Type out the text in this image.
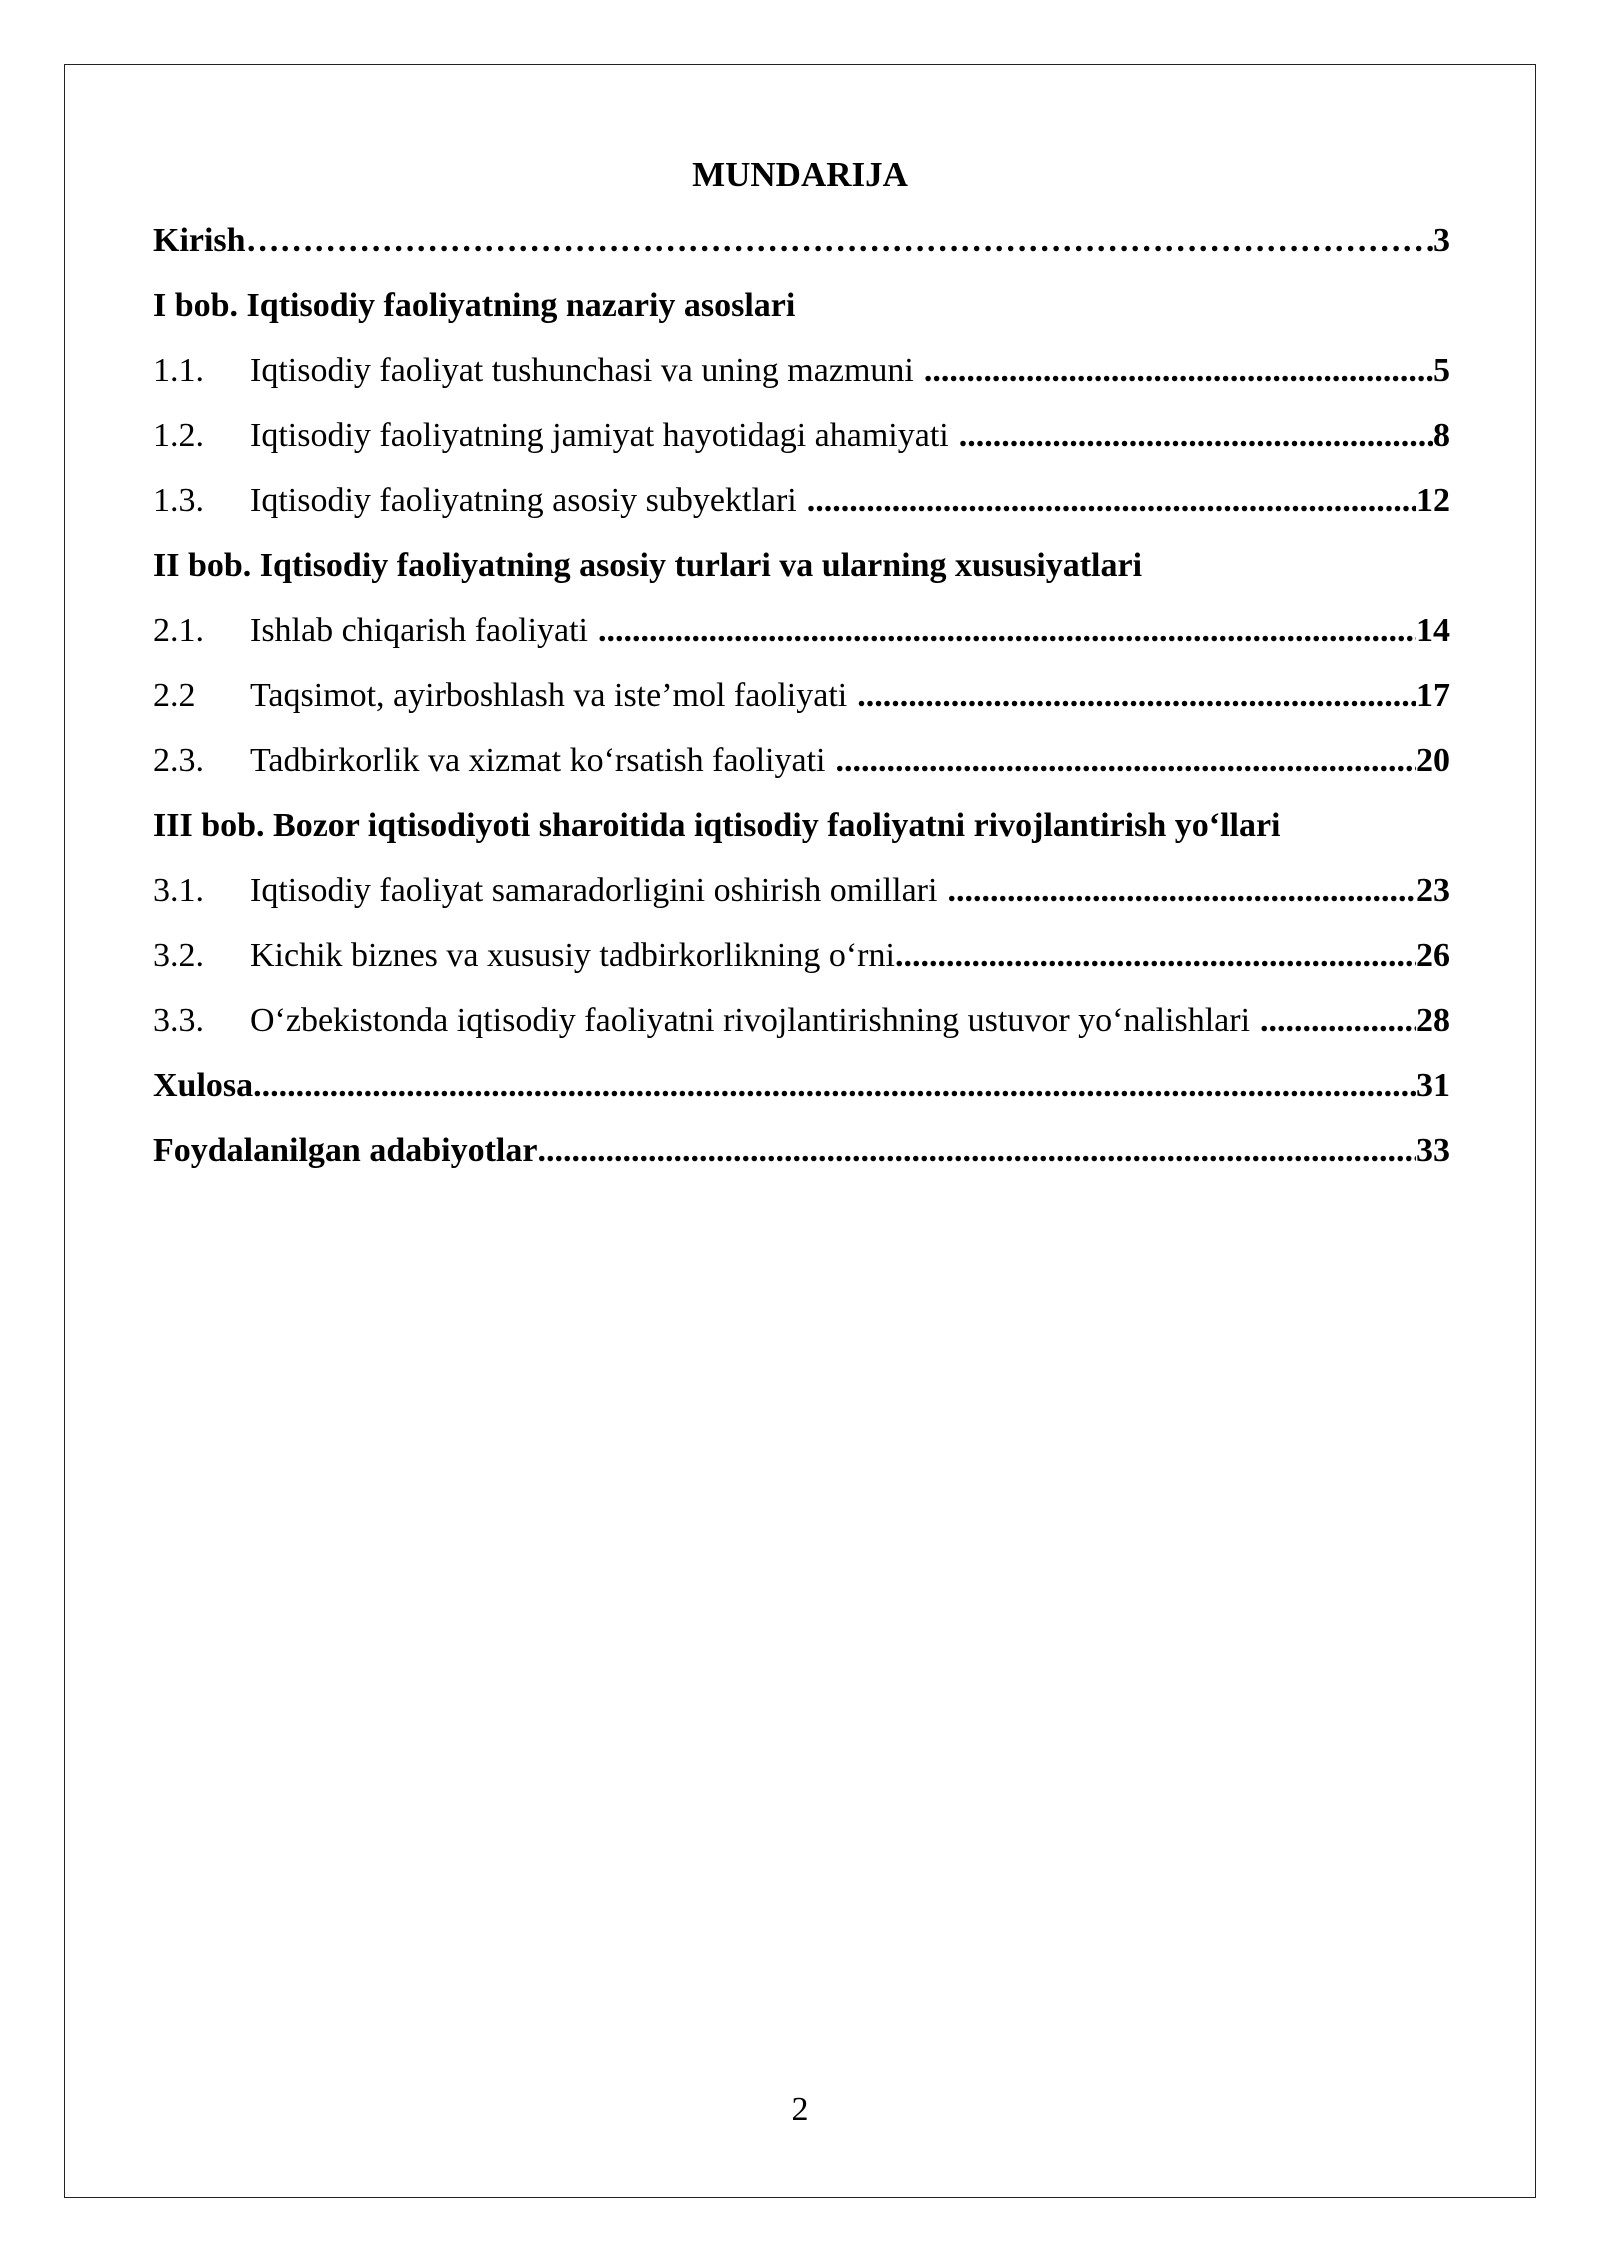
MUNDARIJA
Kirish ……………………………………………………………………………………………………………………………………………………………………	3
I bob. Iqtisodiy faoliyatning nazariy asoslari
1.1.	Iqtisodiy faoliyat tushunchasi va uning mazmuni .....	5
1.2.	Iqtisodiy faoliyatning jamiyat hayotidagi ahamiyati .....	8
1.3.	Iqtisodiy faoliyatning asosiy subyektlari .....	12
II bob. Iqtisodiy faoliyatning asosiy turlari va ularning xususiyatlari
2.1.	Ishlab chiqarish faoliyati .....	14
2.2	Taqsimot, ayirboshlash va iste’mol faoliyati .....	17
2.3.	Tadbirkorlik va xizmat ko‘rsatish faoliyati .....	20
III bob. Bozor iqtisodiyoti sharoitida iqtisodiy faoliyatni rivojlantirish yo‘llari
3.1.	Iqtisodiy faoliyat samaradorligini oshirish omillari .....	23
3.2.	Kichik biznes va xususiy tadbirkorlikning o‘rni .....	26
3.3.	O‘zbekistonda iqtisodiy faoliyatni rivojlantirishning ustuvor yo‘nalishlari .....	28
Xulosa .....	31
Foydalanilgan adabiyotlar .....	33
2
